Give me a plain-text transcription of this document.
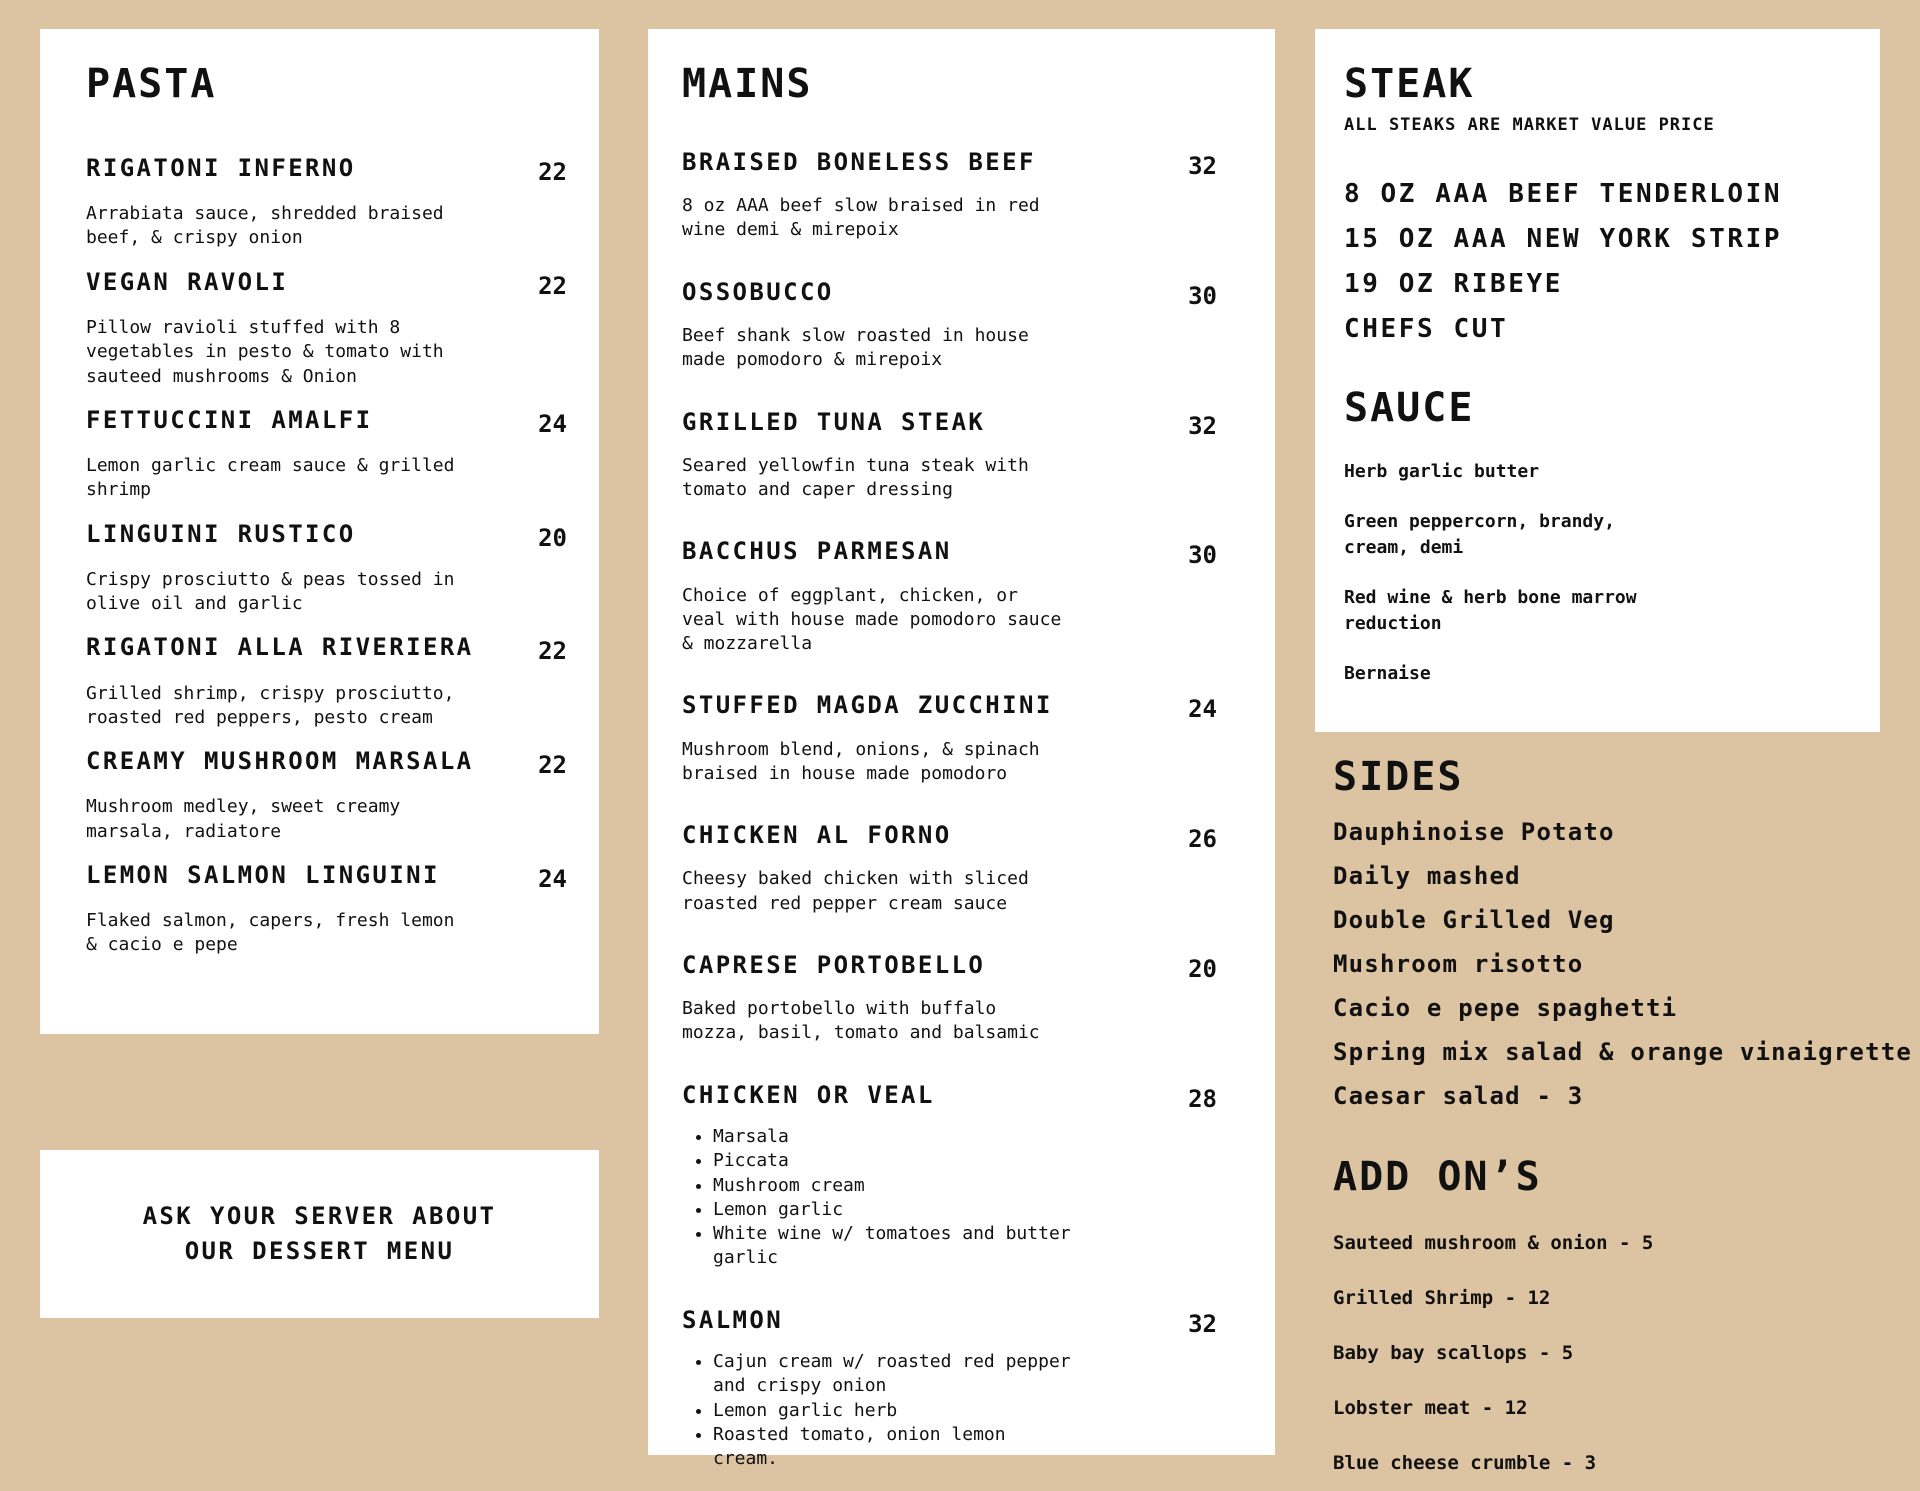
PASTA
RIGATONI INFERNO	22
Arrabiata sauce, shredded braised beef, & crispy onion
VEGAN RAVOLI	22
Pillow ravioli stuffed with 8 vegetables in pesto & tomato with sauteed mushrooms & Onion
FETTUCCINI AMALFI	24
Lemon garlic cream sauce & grilled shrimp
LINGUINI RUSTICO	20
Crispy prosciutto & peas tossed in olive oil and garlic
RIGATONI ALLA RIVERIERA	22
Grilled shrimp, crispy prosciutto, roasted red peppers, pesto cream
CREAMY MUSHROOM MARSALA	22
Mushroom medley, sweet creamy marsala, radiatore
LEMON SALMON LINGUINI	24
Flaked salmon, capers, fresh lemon & cacio e pepe
MAINS
BRAISED BONELESS BEEF	32
8 oz AAA beef slow braised in red wine demi & mirepoix
OSSOBUCCO	30
Beef shank slow roasted in house made pomodoro & mirepoix
GRILLED TUNA STEAK	32
Seared yellowfin tuna steak with tomato and caper dressing
BACCHUS PARMESAN	30
Choice of eggplant, chicken, or veal with house made pomodoro sauce & mozzarella
STUFFED MAGDA ZUCCHINI	24
Mushroom blend, onions, & spinach braised in house made pomodoro
CHICKEN AL FORNO	26
Cheesy baked chicken with sliced roasted red pepper cream sauce
CAPRESE PORTOBELLO	20
Baked portobello with buffalo mozza, basil, tomato and balsamic
CHICKEN OR VEAL	28
• Marsala
• Piccata
• Mushroom cream
• Lemon garlic
• White wine w/ tomatoes and butter garlic
SALMON	32
• Cajun cream w/ roasted red pepper and crispy onion
• Lemon garlic herb
• Roasted tomato, onion lemon cream.
STEAK
ALL STEAKS ARE MARKET VALUE PRICE
8 OZ AAA BEEF TENDERLOIN
15 OZ AAA NEW YORK STRIP
19 OZ RIBEYE
CHEFS CUT
SAUCE
Herb garlic butter
Green peppercorn, brandy, cream, demi
Red wine & herb bone marrow reduction
Bernaise
SIDES
Dauphinoise Potato
Daily mashed
Double Grilled Veg
Mushroom risotto
Cacio e pepe spaghetti
Spring mix salad & orange vinaigrette
Caesar salad - 3
ADD ON’S
Sauteed mushroom & onion - 5
Grilled Shrimp - 12
Baby bay scallops - 5
Lobster meat - 12
Blue cheese crumble - 3

ASK YOUR SERVER ABOUT
OUR DESSERT MENU
